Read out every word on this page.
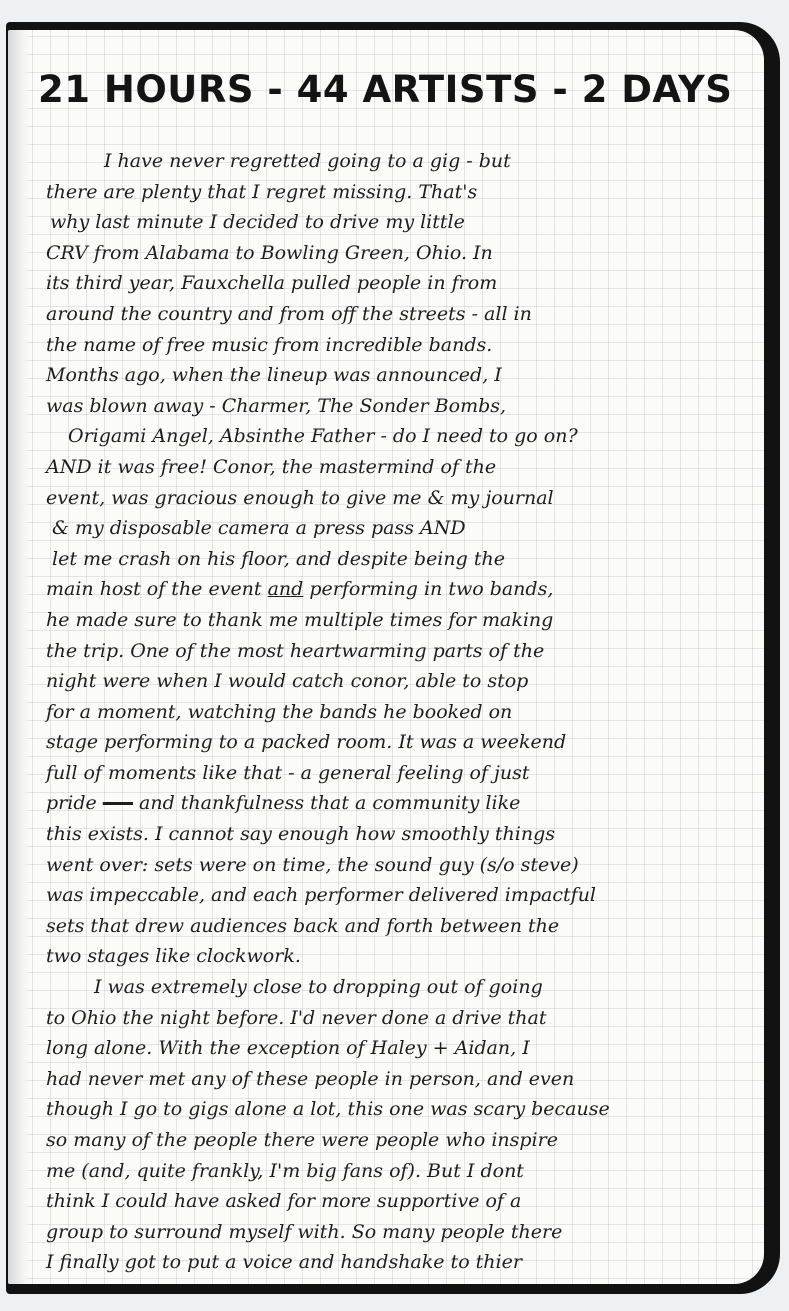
21 HOURS - 44 ARTISTS - 2 DAYS
I have never regretted going to a gig - but
there are plenty that I regret missing. That's
why last minute I decided to drive my little
CRV from Alabama to Bowling Green, Ohio. In
its third year, Fauxchella pulled people in from
around the country and from off the streets - all in
the name of free music from incredible bands.
Months ago, when the lineup was announced, I
was blown away - Charmer, The Sonder Bombs,
Origami Angel, Absinthe Father - do I need to go on?
AND it was free! Conor, the mastermind of the
event, was gracious enough to give me & my journal
& my disposable camera a press pass AND
let me crash on his floor, and despite being the
main host of the event and performing in two bands,
he made sure to thank me multiple times for making
the trip. One of the most heartwarming parts of the
night were when I would catch conor, able to stop
for a moment, watching the bands he booked on
stage performing to a packed room. It was a weekend
full of moments like that - a general feeling of just
pride and thankfulness that a community like
this exists. I cannot say enough how smoothly things
went over: sets were on time, the sound guy (s/o steve)
was impeccable, and each performer delivered impactful
sets that drew audiences back and forth between the
two stages like clockwork.
I was extremely close to dropping out of going
to Ohio the night before. I'd never done a drive that
long alone. With the exception of Haley + Aidan, I
had never met any of these people in person, and even
though I go to gigs alone a lot, this one was scary because
so many of the people there were people who inspire
me (and, quite frankly, I'm big fans of). But I dont
think I could have asked for more supportive of a
group to surround myself with. So many people there
I finally got to put a voice and handshake to thier
